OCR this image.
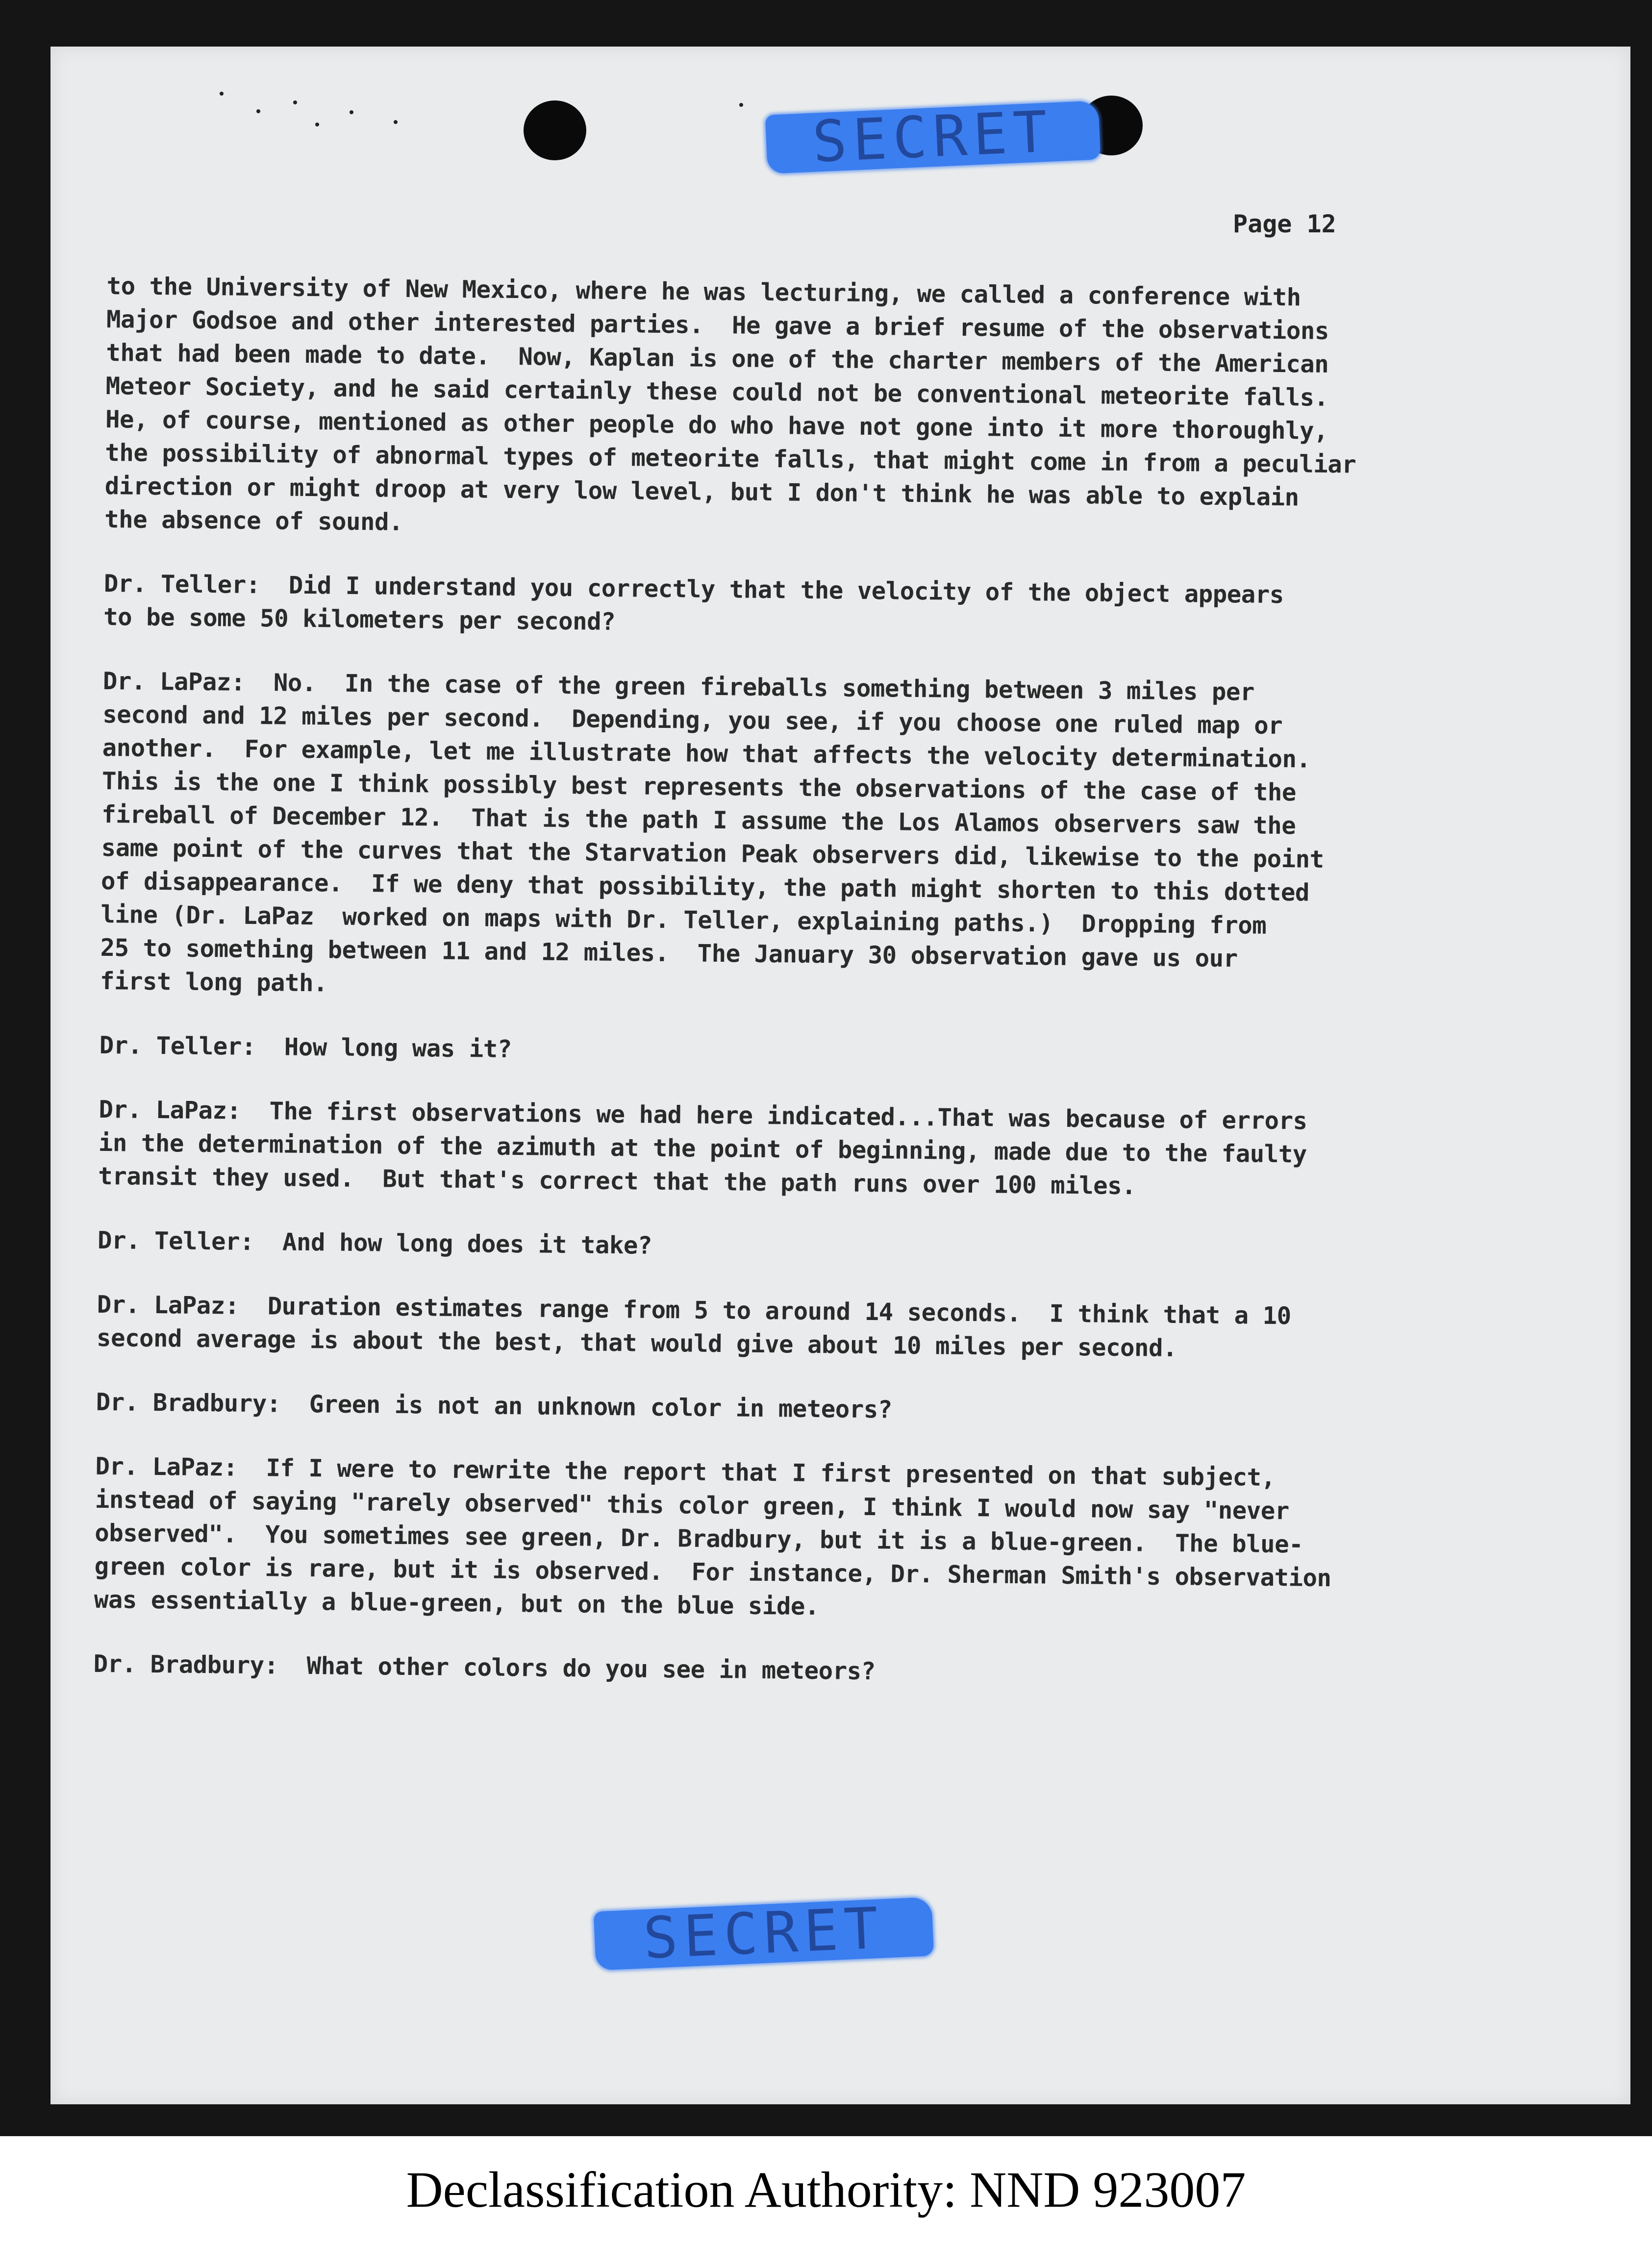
SECRET
SECRET
Page 12
to the University of New Mexico, where he was lecturing, we called a conference with
Major Godsoe and other interested parties.  He gave a brief resume of the observations
that had been made to date.  Now, Kaplan is one of the charter members of the American
Meteor Society, and he said certainly these could not be conventional meteorite falls.
He, of course, mentioned as other people do who have not gone into it more thoroughly,
the possibility of abnormal types of meteorite falls, that might come in from a peculiar
direction or might droop at very low level, but I don't think he was able to explain
the absence of sound.
Dr. Teller:  Did I understand you correctly that the velocity of the object appears
to be some 50 kilometers per second?
Dr. LaPaz:  No.  In the case of the green fireballs something between 3 miles per
second and 12 miles per second.  Depending, you see, if you choose one ruled map or
another.  For example, let me illustrate how that affects the velocity determination.
This is the one I think possibly best represents the observations of the case of the
fireball of December 12.  That is the path I assume the Los Alamos observers saw the
same point of the curves that the Starvation Peak observers did, likewise to the point
of disappearance.  If we deny that possibility, the path might shorten to this dotted
line (Dr. LaPaz  worked on maps with Dr. Teller, explaining paths.)  Dropping from
25 to something between 11 and 12 miles.  The January 30 observation gave us our
first long path.
Dr. Teller:  How long was it?
Dr. LaPaz:  The first observations we had here indicated...That was because of errors
in the determination of the azimuth at the point of beginning, made due to the faulty
transit they used.  But that's correct that the path runs over 100 miles.
Dr. Teller:  And how long does it take?
Dr. LaPaz:  Duration estimates range from 5 to around 14 seconds.  I think that a 10
second average is about the best, that would give about 10 miles per second.
Dr. Bradbury:  Green is not an unknown color in meteors?
Dr. LaPaz:  If I were to rewrite the report that I first presented on that subject,
instead of saying "rarely observed" this color green, I think I would now say "never
observed".  You sometimes see green, Dr. Bradbury, but it is a blue-green.  The blue-
green color is rare, but it is observed.  For instance, Dr. Sherman Smith's observation
was essentially a blue-green, but on the blue side.
Dr. Bradbury:  What other colors do you see in meteors?
Declassification Authority: NND 923007
